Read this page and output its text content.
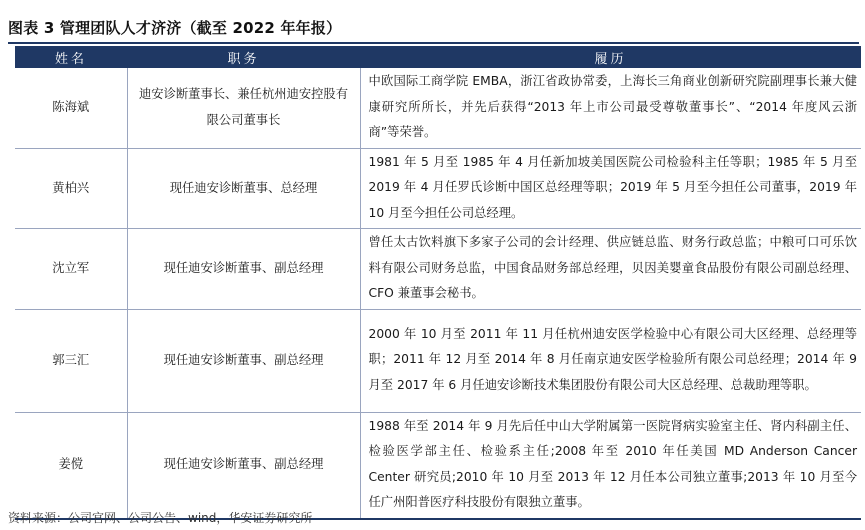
图表 3 管理团队人才济济（截至 2022 年年报）
姓名	职务	履历
陈海斌	迪安诊断董事长、兼任杭州迪安控股有限公司董事长	中欧国际工商学院 EMBA，浙江省政协常委，上海长三角商业创新研究院副理事长兼大健康研究所所长，并先后获得“2013 年上市公司最受尊敬董事长”、“2014 年度风云浙商”等荣誉。
黄柏兴	现任迪安诊断董事、总经理	1981 年 5 月至 1985 年 4 月任新加坡美国医院公司检验科主任等职；1985 年 5 月至 2019 年 4 月任罗氏诊断中国区总经理等职；2019 年 5 月至今担任公司董事，2019 年 10 月至今担任公司总经理。
沈立军	现任迪安诊断董事、副总经理	曾任太古饮料旗下多家子公司的会计经理、供应链总监、财务行政总监；中粮可口可乐饮料有限公司财务总监，中国食品财务部总经理，贝因美婴童食品股份有限公司副总经理、CFO 兼董事会秘书。
郭三汇	现任迪安诊断董事、副总经理	2000 年 10 月至 2011 年 11 月任杭州迪安医学检验中心有限公司大区经理、总经理等职；2011 年 12 月至 2014 年 8 月任南京迪安医学检验所有限公司总经理；2014 年 9 月至 2017 年 6 月任迪安诊断技术集团股份有限公司大区总经理、总裁助理等职。
姜傥	现任迪安诊断董事、副总经理	1988 年至 2014 年 9 月先后任中山大学附属第一医院肾病实验室主任、肾内科副主任、检验医学部主任、检验系主任;2008 年至 2010 年任美国 MD Anderson Cancer Center 研究员;2010 年 10 月至 2013 年 12 月任本公司独立董事;2013 年 10 月至今任广州阳普医疗科技股份有限独立董事。
资料来源：公司官网、公司公告、wind，华安证券研究所
